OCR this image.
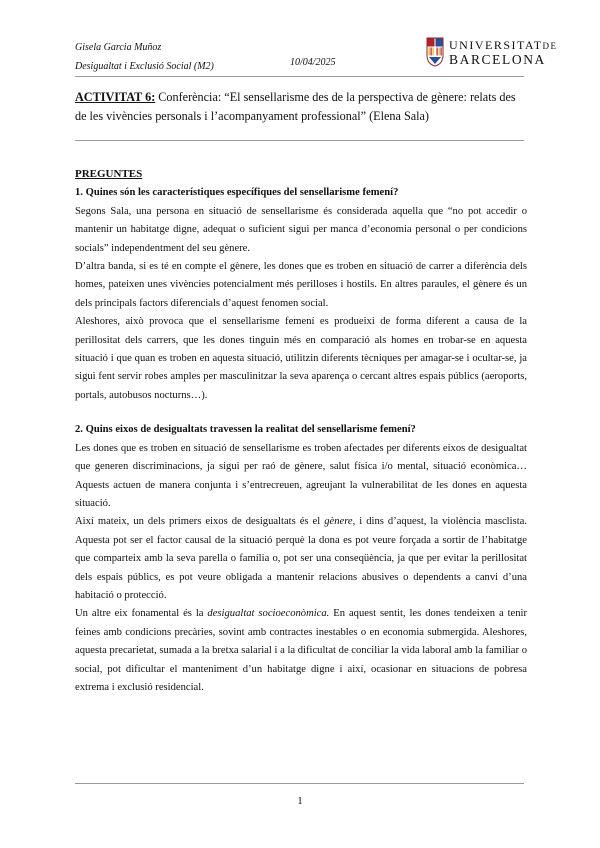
Gisela Garcia Muñoz
Desigualtat i Exclusió Social (M2)	10/04/2025
UNIVERSITATDE
BARCELONA
ACTIVITAT 6: Conferència: “El sensellarisme des de la perspectiva de gènere: relats des de les vivències personals i l’acompanyament professional” (Elena Sala)
PREGUNTES
1. Quines són les característiques específiques del sensellarisme femení?

Segons Sala, una persona en situació de sensellarisme és considerada aquella que “no pot accedir o mantenir un habitatge digne, adequat o suficient sigui per manca d’economia personal o per condicions socials” independentment del seu gènere.

D’altra banda, si es té en compte el gènere, les dones que es troben en situació de carrer a diferència dels homes, pateixen unes vivències potencialment més perilloses i hostils. En altres paraules, el gènere és un dels principals factors diferencials d’aquest fenomen social.

Aleshores, això provoca que el sensellarisme femení es produeixi de forma diferent a causa de la perillositat dels carrers, que les dones tinguin més en comparació als homes en trobar-se en aquesta situació i que quan es troben en aquesta situació, utilitzin diferents tècniques per amagar-se i ocultar-se, ja sigui fent servir robes amples per masculinitzar la seva aparença o cercant altres espais públics (aeroports, portals, autobusos nocturns…).

2. Quins eixos de desigualtats travessen la realitat del sensellarisme femení?

Les dones que es troben en situació de sensellarisme es troben afectades per diferents eixos de desigualtat que generen discriminacions, ja sigui per raó de gènere, salut física i/o mental, situació econòmica… Aquests actuen de manera conjunta i s’entrecreuen, agreujant la vulnerabilitat de les dones en aquesta situació.

Així mateix, un dels primers eixos de desigualtats és el gènere, i dins d’aquest, la violència masclista. Aquesta pot ser el factor causal de la situació perquè la dona es pot veure forçada a sortir de l’habitatge que comparteix amb la seva parella o família o, pot ser una conseqüència, ja que per evitar la perillositat dels espais públics, es pot veure obligada a mantenir relacions abusives o dependents a canvi d’una habitació o protecció.

Un altre eix fonamental és la desigualtat socioeconòmica. En aquest sentit, les dones tendeixen a tenir feines amb condicions precàries, sovint amb contractes inestables o en economia submergida. Aleshores, aquesta precarietat, sumada a la bretxa salarial i a la dificultat de conciliar la vida laboral amb la familiar o social, pot dificultar el manteniment d’un habitatge digne i així, ocasionar en situacions de pobresa extrema i exclusió residencial.

1
